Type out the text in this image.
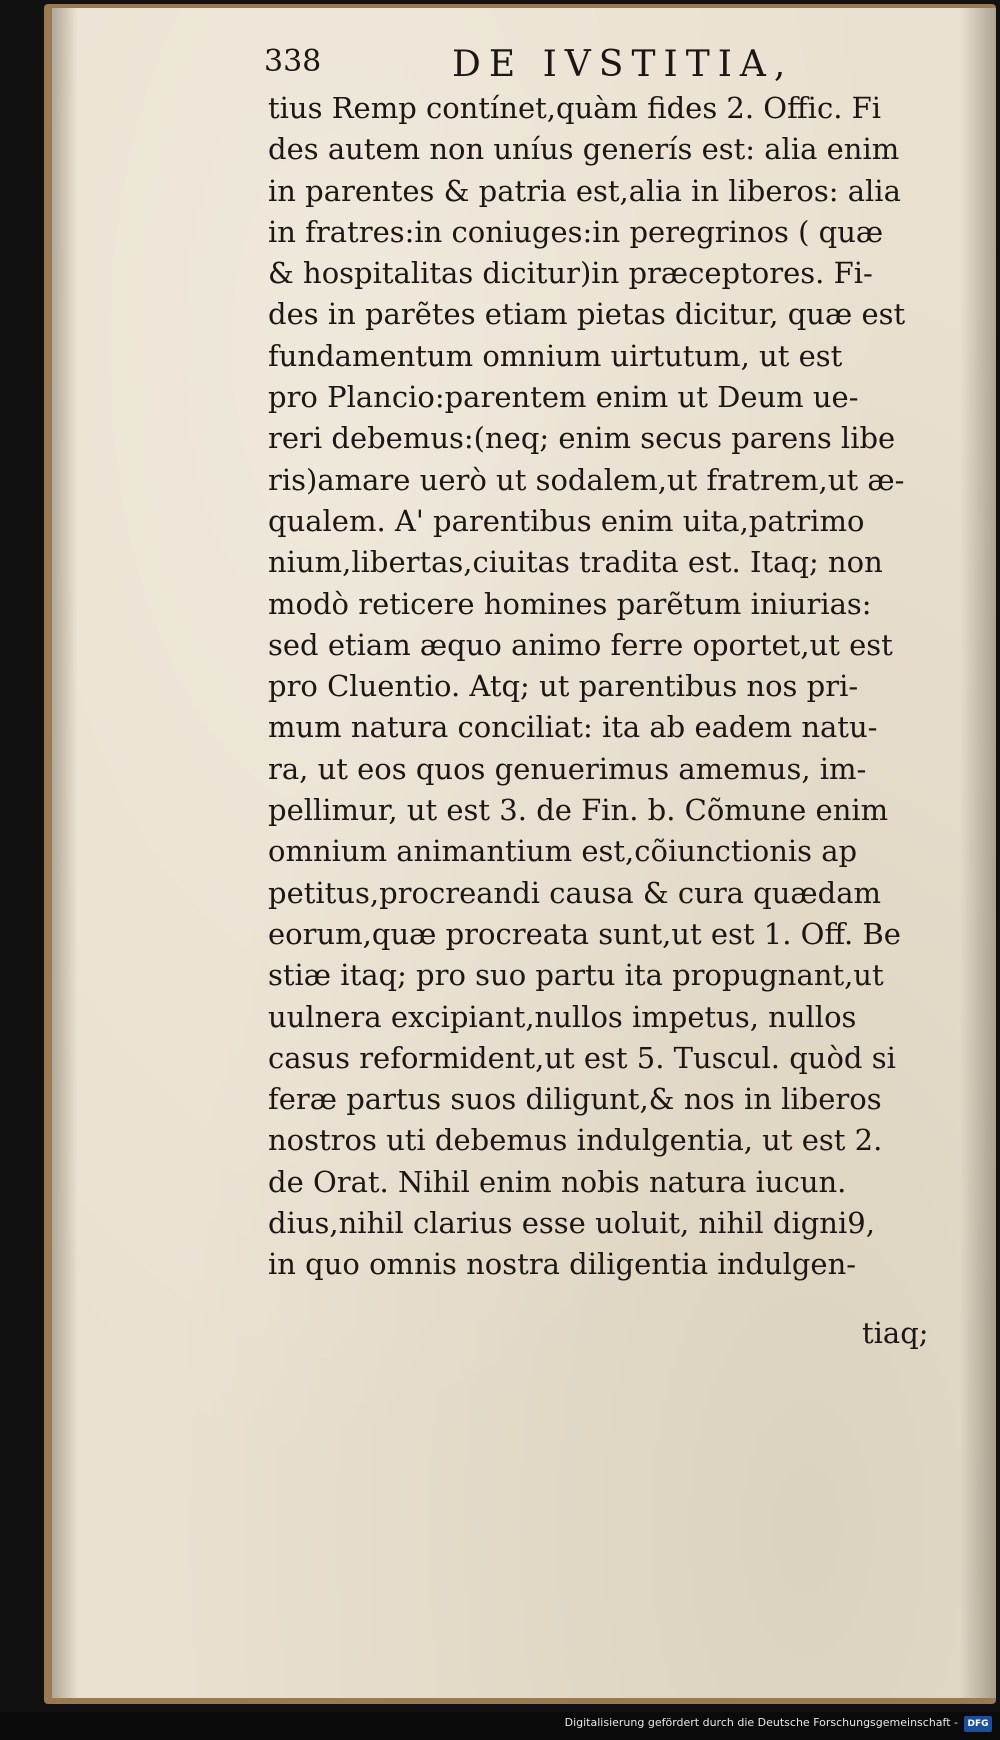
338	DE IVSTITIA,
tius Remp contínet,quàm fides 2. Offic. Fi
des autem non uníus generís est: alia enim
in parentes & patria est,alia in liberos: alia
in fratres:in coniuges:in peregrinos ( quæ
& hospitalitas dicitur)in præceptores. Fi-
des in parẽtes etiam pietas dicitur, quæ est
fundamentum omnium uirtutum, ut est
pro Plancio:parentem enim ut Deum ue-
reri debemus:(neq; enim secus parens libe
ris)amare uerò ut sodalem,ut fratrem,ut æ-
qualem. A' parentibus enim uita,patrimo
nium,libertas,ciuitas tradita est. Itaq; non
modò reticere homines parẽtum iniurias:
sed etiam æquo animo ferre oportet,ut est
pro Cluentio. Atq; ut parentibus nos pri-
mum natura conciliat: ita ab eadem natu-
ra, ut eos quos genuerimus amemus, im-
pellimur, ut est 3. de Fin. b. Cõmune enim
omnium animantium est,cõiunctionis ap
petitus,procreandi causa & cura quædam
eorum,quæ procreata sunt,ut est 1. Off. Be
stiæ itaq; pro suo partu ita propugnant,ut
uulnera excipiant,nullos impetus, nullos
casus reformident,ut est 5. Tuscul. quòd si
feræ partus suos diligunt,& nos in liberos
nostros uti debemus indulgentia, ut est 2.
de Orat. Nihil enim nobis natura iucun.
dius,nihil clarius esse uoluit, nihil digni9,
in quo omnis nostra diligentia indulgen-
tiaq;
Digitalisierung gefördert durch die Deutsche Forschungsgemeinschaft -	DFG
